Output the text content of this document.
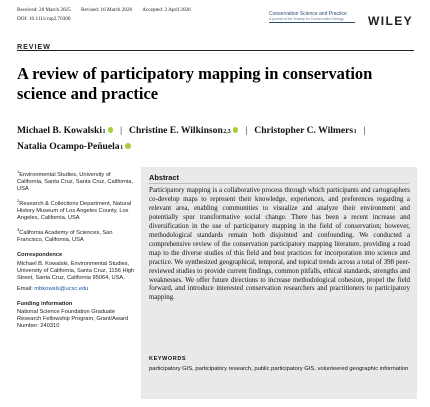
Received: 20 March 2025 Revised: 16 March 2026 Accepted: 2 April 2026
DOI: 10.1111/csp2.70300
Conservation Science and Practice
A journal of the Society for Conservation Biology WILEY
REVIEW
A review of participatory mapping in conservation science and practice
Michael B. Kowalski 1 | Christine E. Wilkinson 2,3 | Christopher C. Wilmers 1 |
Natalia Ocampo-Peñuela 1

$^1$Environmental Studies, University of California, Santa Cruz, Santa Cruz, California, USA

$^2$Research & Collections Department, Natural History Museum of Los Angeles County, Los Angeles, California, USA

$^3$California Academy of Sciences, San Francisco, California, USA

Correspondence

Michael B. Kowalski, Environmental Studies, University of California, Santa Cruz, 1156 High Street, Santa Cruz, California 95064, USA.

Email: mbkowals@ucsc.edu

Funding information

National Science Foundation Graduate Research Fellowship Program, Grant/Award Number: 240310

Abstract
Participatory mapping is a collaborative process through which participants and cartographers co-develop maps to represent their knowledge, experiences, and preferences regarding a relevant area, enabling communities to visualize and analyze their environment and potentially spur transformative social change. There has been a recent increase and diversification in the use of participatory mapping in the field of conservation; however, methodological standards remain both disjointed and confounding. We conducted a comprehensive review of the conservation participatory mapping literature, providing a road map to the diverse studies of this field and best practices for incorporation into science and practice. We synthesized geographical, temporal, and topical trends across a total of 398 peer-reviewed studies to provide current findings, common pitfalls, ethical standards, strengths and weaknesses. We offer future directions to increase methodological cohesion, propel the field forward, and introduce interested conservation researchers and practitioners to participatory mapping.
KEYWORDS
participatory GIS, participatory research, public participatory GIS, volunteered geographic information
